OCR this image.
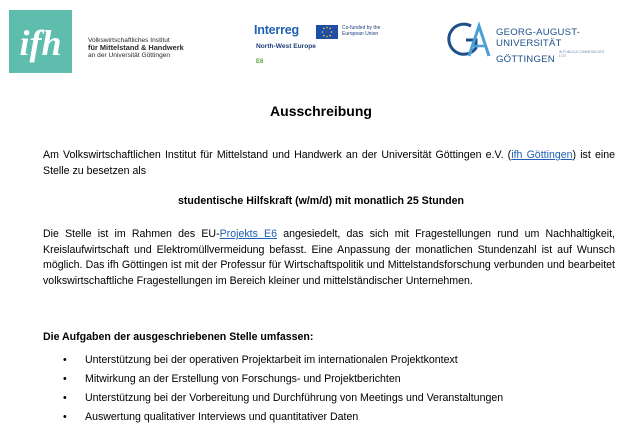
ifh	Volkswirtschaftliches Institut
für Mittelstand & Handwerk
an der Universität Göttingen
Interreg	Co-funded by the European Union
North-West Europe
E6
GEORG-AUGUST-UNIVERSITÄT
GÖTTINGENIN PUBLICA COMMODA SEIT 1737
Ausschreibung
Am Volkswirtschaftlichen Institut für Mittelstand und Handwerk an der Universität Göttingen e.V. (ifh Göttingen) ist eine Stelle zu besetzen als
studentische Hilfskraft (w/m/d) mit monatlich 25 Stunden
Die Stelle ist im Rahmen des EU-Projekts E6 angesiedelt, das sich mit Fragestellungen rund um Nachhaltigkeit, Kreislaufwirtschaft und Elektromüllvermeidung befasst. Eine Anpassung der monatlichen Stundenzahl ist auf Wunsch möglich. Das ifh Göttingen ist mit der Professur für Wirtschaftspolitik und Mittelstandsforschung verbunden und bearbeitet volkswirtschaftliche Fragestellungen im Bereich kleiner und mittelständischer Unternehmen.
Die Aufgaben der ausgeschriebenen Stelle umfassen:
• Unterstützung bei der operativen Projektarbeit im internationalen Projektkontext
• Mitwirkung an der Erstellung von Forschungs- und Projektberichten
• Unterstützung bei der Vorbereitung und Durchführung von Meetings und Veranstaltungen
• Auswertung qualitativer Interviews und quantitativer Daten
